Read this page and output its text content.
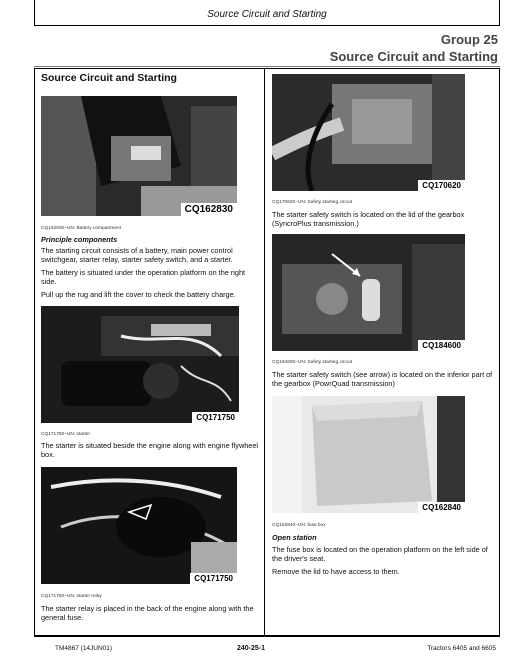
Source Circuit and Starting
Group 25
Source Circuit and Starting
Source Circuit and Starting
CQ162830
CQ162830–UN: Battery compartment
Principle components
The starting circuit consists of a battery, main power control switchgear, starter relay, starter safety switch, and a starter.
The battery is situated under the operation platform on the right side.
Pull up the rug and lift the cover to check the battery charge.
CQ171750
CQ171750–UN: starter
The starter is situated beside the engine along with engine flywheel box.
CQ171750
CQ171750–UN: starter relay
The starter relay is placed in the back of the engine along with the general fuse.
CQ170620
CQ170620–UN: Safety starting circuit
The starter safety switch is located on the lid of the gearbox (SyncroPlus transmission.)
CQ184600
CQ184600–UN: Safety starting circuit
The starter safety switch (see arrow) is located on the inferior part of the gearbox (PowrQuad transmission)
CQ162840
CQ162840–UN: fuse box
Open station
The fuse box is located on the operation platform on the left side of the driver's seat.
Remove the lid to have access to them.
TM4867 (14JUN01)	240-25-1	Tractors 6405 and 6605
